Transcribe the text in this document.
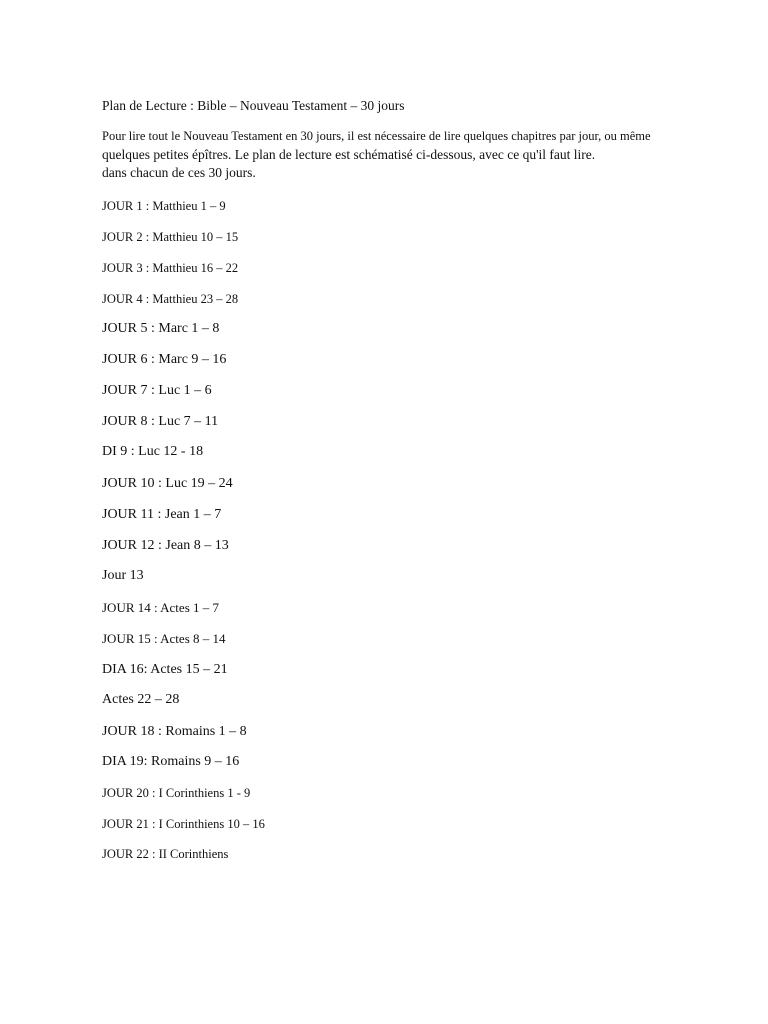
Plan de Lecture : Bible – Nouveau Testament – 30 jours
Pour lire tout le Nouveau Testament en 30 jours, il est nécessaire de lire quelques chapitres par jour, ou même
quelques petites épîtres. Le plan de lecture est schématisé ci-dessous, avec ce qu'il faut lire.
dans chacun de ces 30 jours.
JOUR 1 : Matthieu 1 – 9
JOUR 2 : Matthieu 10 – 15
JOUR 3 : Matthieu 16 – 22
JOUR 4 : Matthieu 23 – 28
JOUR 5 : Marc 1 – 8
JOUR 6 : Marc 9 – 16
JOUR 7 : Luc 1 – 6
JOUR 8 : Luc 7 – 11
DI 9 : Luc 12 - 18
JOUR 10 : Luc 19 – 24
JOUR 11 : Jean 1 – 7
JOUR 12 : Jean 8 – 13
Jour 13
JOUR 14 : Actes 1 – 7
JOUR 15 : Actes 8 – 14
DIA 16: Actes 15 – 21
Actes 22 – 28
JOUR 18 : Romains 1 – 8
DIA 19: Romains 9 – 16
JOUR 20 : I Corinthiens 1 - 9
JOUR 21 : I Corinthiens 10 – 16
JOUR 22 : II Corinthiens
